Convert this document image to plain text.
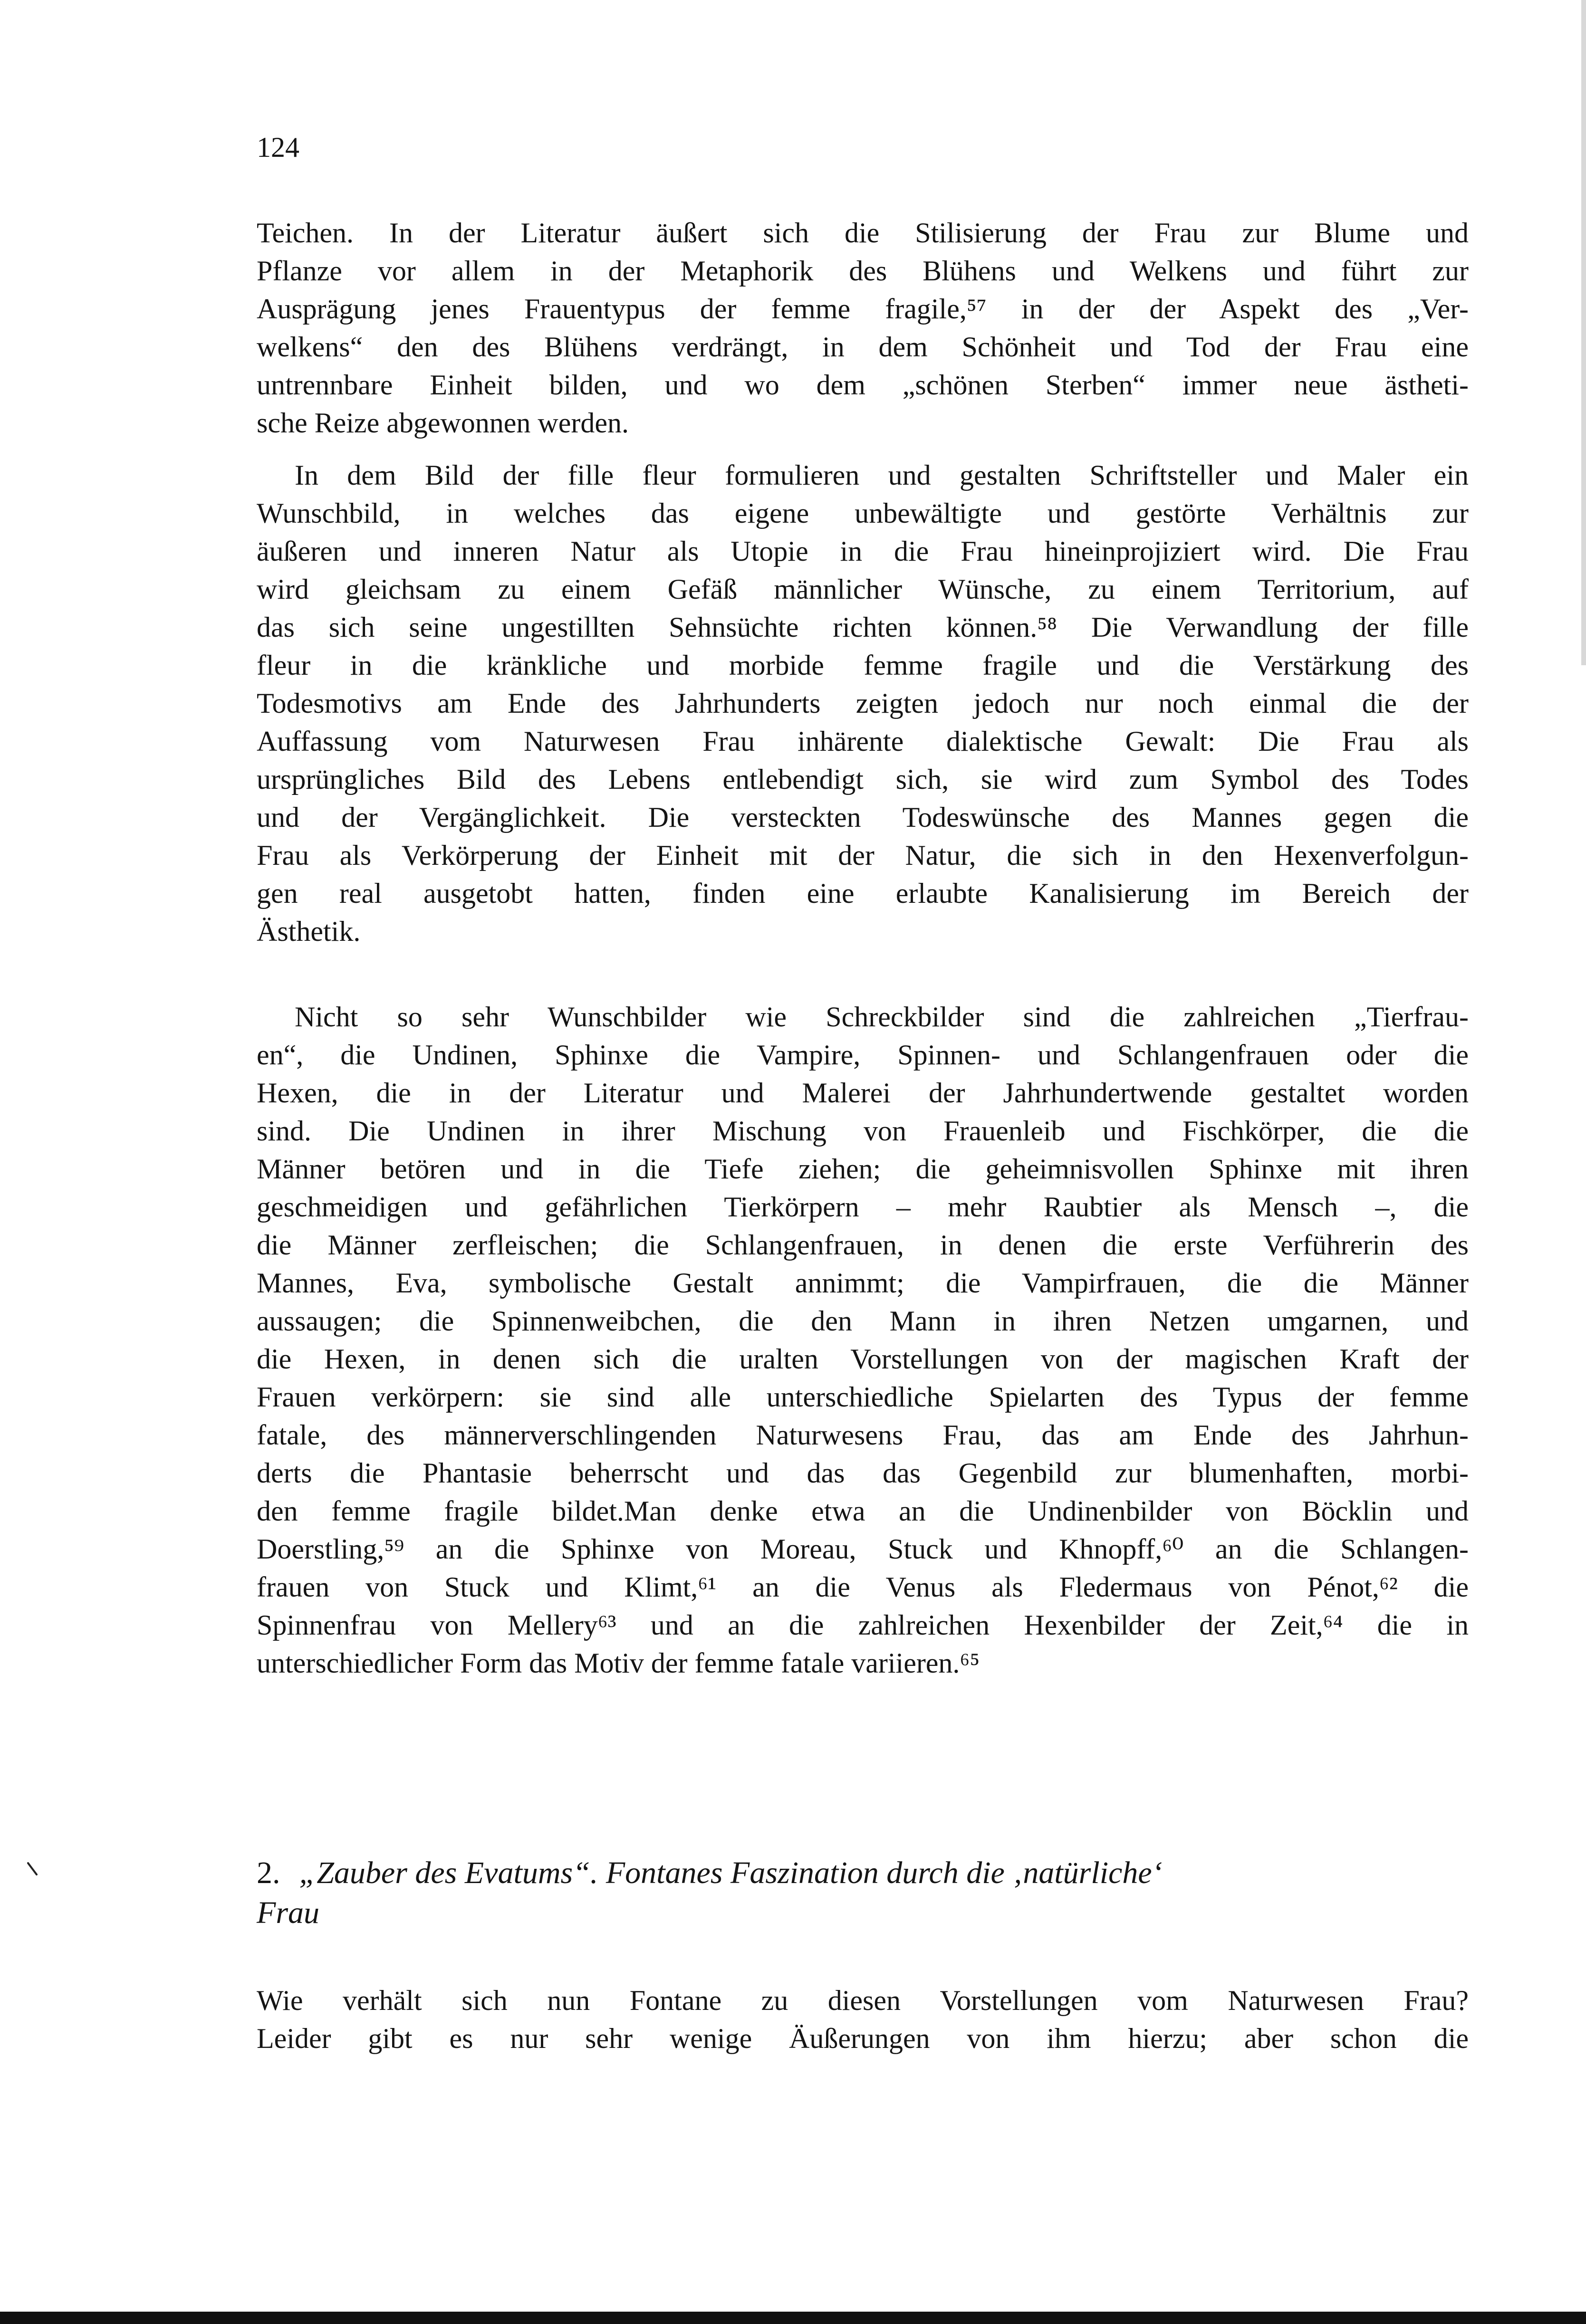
124
Teichen. In der Literatur äußert sich die Stilisierung der Frau zur Blume und
Pflanze vor allem in der Metaphorik des Blühens und Welkens und führt zur
Ausprägung jenes Frauentypus der femme fragile,⁵⁷ in der der Aspekt des „Ver-
welkens“ den des Blühens verdrängt, in dem Schönheit und Tod der Frau eine
untrennbare Einheit bilden, und wo dem „schönen Sterben“ immer neue ästheti-
sche Reize abgewonnen werden.
In dem Bild der fille fleur formulieren und gestalten Schriftsteller und Maler ein
Wunschbild, in welches das eigene unbewältigte und gestörte Verhältnis zur
äußeren und inneren Natur als Utopie in die Frau hineinprojiziert wird. Die Frau
wird gleichsam zu einem Gefäß männlicher Wünsche, zu einem Territorium, auf
das sich seine ungestillten Sehnsüchte richten können.⁵⁸ Die Verwandlung der fille
fleur in die kränkliche und morbide femme fragile und die Verstärkung des
Todesmotivs am Ende des Jahrhunderts zeigten jedoch nur noch einmal die der
Auffassung vom Naturwesen Frau inhärente dialektische Gewalt: Die Frau als
ursprüngliches Bild des Lebens entlebendigt sich, sie wird zum Symbol des Todes
und der Vergänglichkeit. Die versteckten Todeswünsche des Mannes gegen die
Frau als Verkörperung der Einheit mit der Natur, die sich in den Hexenverfolgun-
gen real ausgetobt hatten, finden eine erlaubte Kanalisierung im Bereich der
Ästhetik.
Nicht so sehr Wunschbilder wie Schreckbilder sind die zahlreichen „Tierfrau-
en“, die Undinen, Sphinxe die Vampire, Spinnen- und Schlangenfrauen oder die
Hexen, die in der Literatur und Malerei der Jahrhundertwende gestaltet worden
sind. Die Undinen in ihrer Mischung von Frauenleib und Fischkörper, die die
Männer betören und in die Tiefe ziehen; die geheimnisvollen Sphinxe mit ihren
geschmeidigen und gefährlichen Tierkörpern – mehr Raubtier als Mensch –, die
die Männer zerfleischen; die Schlangenfrauen, in denen die erste Verführerin des
Mannes, Eva, symbolische Gestalt annimmt; die Vampirfrauen, die die Männer
aussaugen; die Spinnenweibchen, die den Mann in ihren Netzen umgarnen, und
die Hexen, in denen sich die uralten Vorstellungen von der magischen Kraft der
Frauen verkörpern: sie sind alle unterschiedliche Spielarten des Typus der femme
fatale, des männerverschlingenden Naturwesens Frau, das am Ende des Jahrhun-
derts die Phantasie beherrscht und das das Gegenbild zur blumenhaften, morbi-
den femme fragile bildet.Man denke etwa an die Undinenbilder von Böcklin und
Doerstling,⁵⁹ an die Sphinxe von Moreau, Stuck und Khnopff,⁶⁰ an die Schlangen-
frauen von Stuck und Klimt,⁶¹ an die Venus als Fledermaus von Pénot,⁶² die
Spinnenfrau von Mellery⁶³ und an die zahlreichen Hexenbilder der Zeit,⁶⁴ die in
unterschiedlicher Form das Motiv der femme fatale variieren.⁶⁵
2. „Zauber des Evatums“. Fontanes Faszination durch die ‚natürliche‘
Frau
Wie verhält sich nun Fontane zu diesen Vorstellungen vom Naturwesen Frau?
Leider gibt es nur sehr wenige Äußerungen von ihm hierzu; aber schon die
